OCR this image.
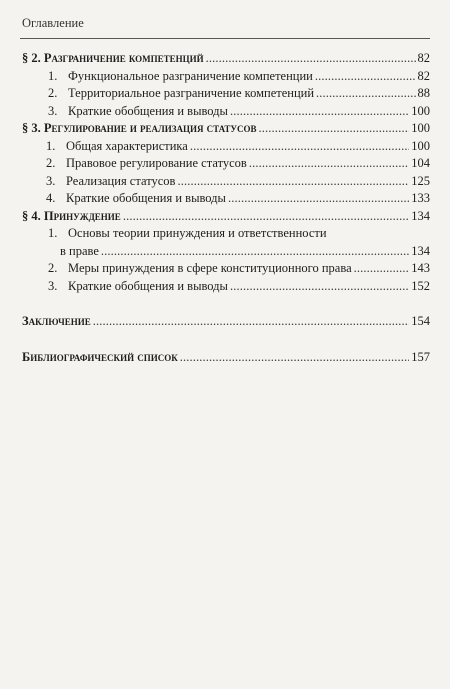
Оглавление
§ 2. Разграничение компетенций . . .	82
1. Функциональное разграничение компетенции . . .	82
2. Территориальное разграничение компетенций . . .	88
3. Краткие обобщения и выводы . . .	100
§ 3. Регулирование и реализация статусов . . .	100
1. Общая характеристика . . .	100
2. Правовое регулирование статусов . . .	104
3. Реализация статусов . . .	125
4. Краткие обобщения и выводы . . .	133
§ 4. Принуждение . . .	134
1. Основы теории принуждения и ответственности
в праве . . .	134
2. Меры принуждения в сфере конституционного права . . .	143
3. Краткие обобщения и выводы . . .	152
Заключение . . .	154
Библиографический список . . .	157
